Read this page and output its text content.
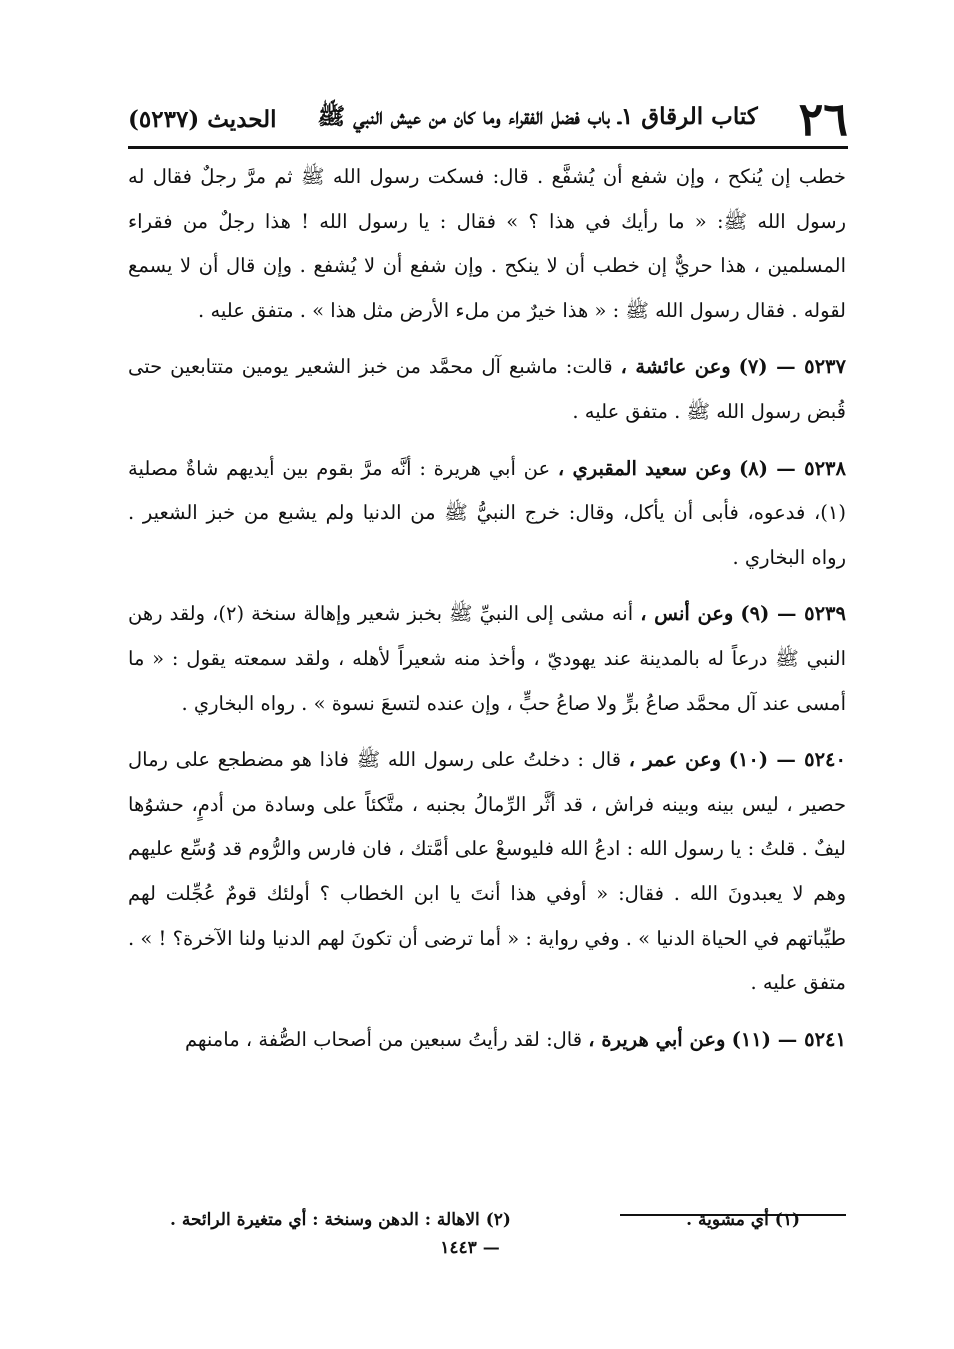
٢٦
كتاب الرقاق ١ـ باب فضل الفقراء وما كان من عيش النبي ﷺ
الحديث (٥٢٣٧)

خطب إن يُنكح ، وإن شفع أن يُشفَّع . قال: فسكت رسول الله ﷺ ثم مرَّ رجلٌ فقال له رسول الله ﷺ: « ما رأيك في هذا ؟ » فقال : يا رسول الله ! هذا رجلٌ من فقراء المسلمين ، هذا حريٌّ إن خطب أن لا ينكح . وإن شفع أن لا يُشفع . وإن قال أن لا يسمع لقوله . فقال رسول الله ﷺ : « هذا خيرٌ من ملء الأرض مثل هذا » . متفق عليه .

٥٢٣٧ — (٧) وعن عائشة ، قالت: ماشبع آل محمَّد من خبز الشعير يومين متتابعين حتى قُبض رسول الله ﷺ . متفق عليه .

٥٢٣٨ — (٨) وعن سعيد المقبري ، عن أبي هريرة : أنَّه مرَّ بقوم بين أيديهم شاةٌ مصلية (١)، فدعوه، فأبى أن يأكل، وقال: خرج النبيُّ ﷺ من الدنيا ولم يشبع من خبز الشعير . رواه البخاري .

٥٢٣٩ — (٩) وعن أنس ، أنه مشى إلى النبيِّ ﷺ بخبز شعير وإهالة سنخة (٢)، ولقد رهن النبي ﷺ درعاً له بالمدينة عند يهوديّ ، وأخذ منه شعيراً لأهله ، ولقد سمعته يقول : « ما أمسى عند آل محمَّد صاعُ برٍّ ولا صاعُ حبٍّ ، وإن عنده لتسعَ نسوة » . رواه البخاري .

٥٢٤٠ — (١٠) وعن عمر ، قال : دخلتُ على رسول الله ﷺ فاذا هو مضطجع على رمال حصير ، ليس بينه وبينه فراش ، قد أثَّر الرِّمالُ بجنبه ، متَّكئاً على وسادة من أدمٍ، حشوُها ليفٌ . قلتُ : يا رسول الله : ادعُ الله فليوسعْ على أمَّتك ، فان فارس والرُّوم قد وُسِّع عليهم وهم لا يعبدونَ الله . فقال: « أوفي هذا أنتَ يا ابن الخطاب ؟ أولئك قومٌ عُجِّلت لهم طيِّباتهم في الحياة الدنيا » . وفي رواية : « أما ترضى أن تكونَ لهم الدنيا ولنا الآخرة؟ ! » . متفق عليه .

٥٢٤١ — (١١) وعن أبي هريرة ، قال: لقد رأيتُ سبعين من أصحاب الصُّفة ، مامنهم

(١) أي مشوية .
(٢) الاهالة : الدهن وسنخة : أي متغيرة الرائحة .
— ١٤٤٣
